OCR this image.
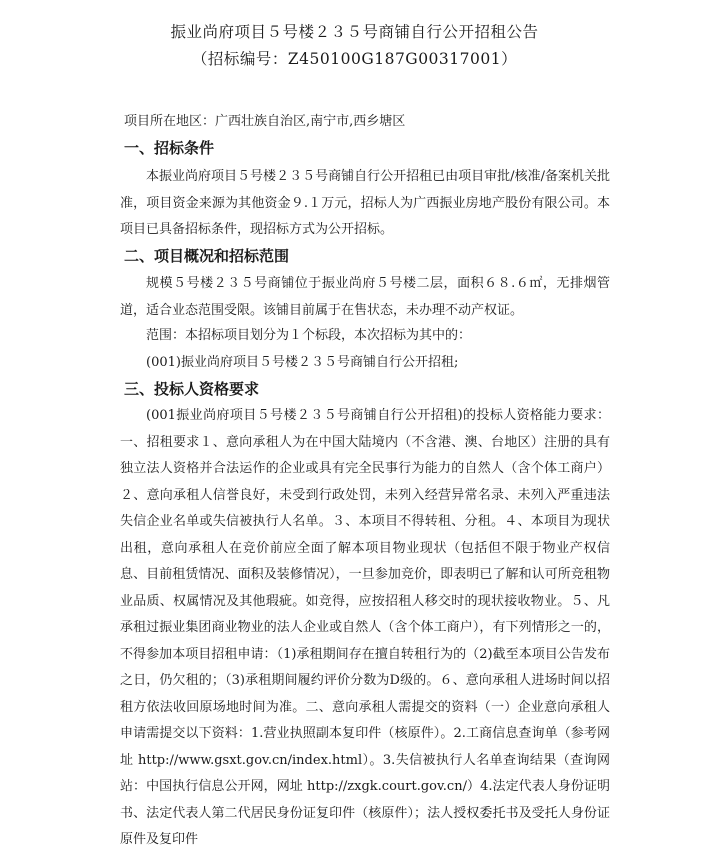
振业尚府项目５号楼２３５号商铺自行公开招租公告
（招标编号：Z450100G187G00317001）
项目所在地区：广西壮族自治区,南宁市,西乡塘区
一、招标条件

本振业尚府项目５号楼２３５号商铺自行公开招租已由项目审批/核准/备案机关批准，项目资金来源为其他资金９.１万元，招标人为广西振业房地产股份有限公司。本项目已具备招标条件，现招标方式为公开招标。

二、项目概况和招标范围

规模５号楼２３５号商铺位于振业尚府５号楼二层，面积６８.６㎡，无排烟管道，适合业态范围受限。该铺目前属于在售状态，未办理不动产权证。

范围：本招标项目划分为１个标段，本次招标为其中的：
(001)振业尚府项目５号楼２３５号商铺自行公开招租;
三、投标人资格要求

(001振业尚府项目５号楼２３５号商铺自行公开招租)的投标人资格能力要求：一、招租要求１、意向承租人为在中国大陆境内（不含港、澳、台地区）注册的具有独立法人资格并合法运作的企业或具有完全民事行为能力的自然人（含个体工商户）２、意向承租人信誉良好，未受到行政处罚，未列入经营异常名录、未列入严重违法失信企业名单或失信被执行人名单。３、本项目不得转租、分租。４、本项目为现状出租，意向承租人在竞价前应全面了解本项目物业现状（包括但不限于物业产权信息、目前租赁情况、面积及装修情况），一旦参加竞价，即表明已了解和认可所竞租物业品质、权属情况及其他瑕疵。如竞得，应按招租人移交时的现状接收物业。５、凡承租过振业集团商业物业的法人企业或自然人（含个体工商户），有下列情形之一的，不得参加本项目招租申请：（1)承租期间存在擅自转租行为的（2)截至本项目公告发布之日，仍欠租的；（3)承租期间履约评价分数为D级的。６、意向承租人进场时间以招租方依法收回原场地时间为准。二、意向承租人需提交的资料（一）企业意向承租人申请需提交以下资料：1.营业执照副本复印件（核原件）。2.工商信息查询单（参考网址 http://www.gsxt.gov.cn/index.html）。3.失信被执行人名单查询结果（查询网站：中国执行信息公开网，网址 http://zxgk.court.gov.cn/）4.法定代表人身份证明书、法定代表人第二代居民身份证复印件（核原件）；法人授权委托书及受托人身份证原件及复印件
